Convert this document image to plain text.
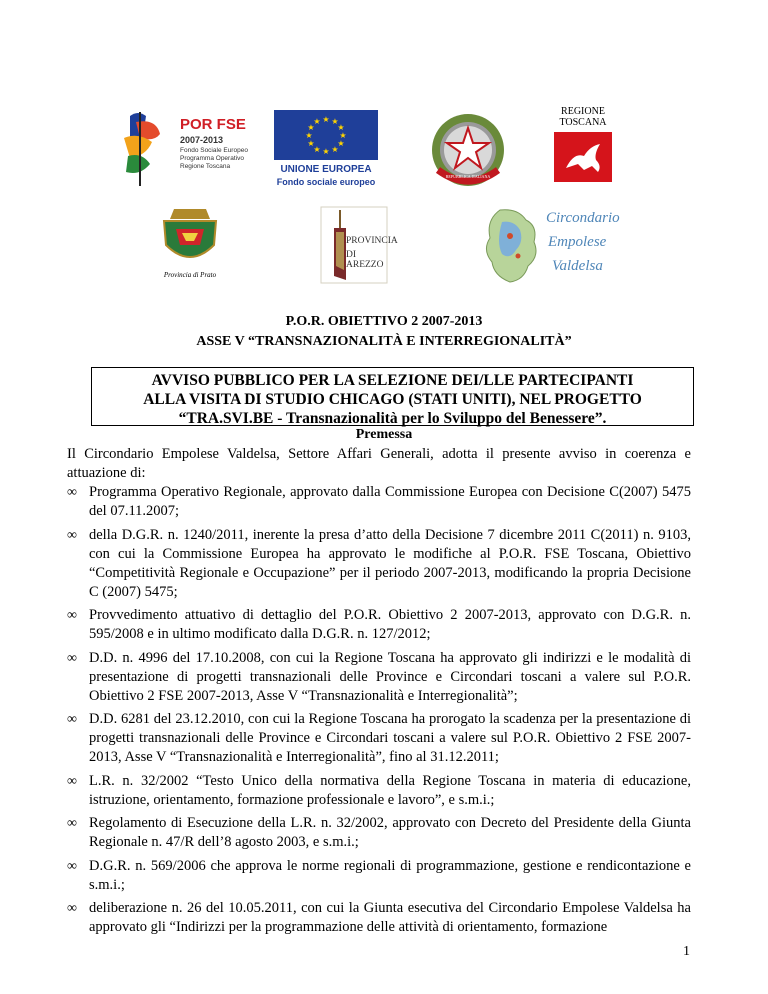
POR FSE
2007-2013
Fondo Sociale Europeo
Programma Operativo
Regione Toscana
★ ★
★
★
★
★
★
★
★
★
★
★
UNIONE EUROPEA
Fondo sociale europeo
REPUBBLICA ITALIANA
REGIONE
TOSCANA
Provincia di Prato
PROVINCIA
DI AREZZO
Circondario
Empolese
Valdelsa
P.O.R. OBIETTIVO 2 2007-2013
ASSE V “TRANSNAZIONALITÀ E INTERREGIONALITÀ”
AVVISO PUBBLICO PER LA SELEZIONE DEI/LLE PARTECIPANTI
ALLA VISITA DI STUDIO CHICAGO (STATI UNITI), NEL PROGETTO
“TRA.SVI.BE - Transnazionalità per lo Sviluppo del Benessere”.
Premessa
Il Circondario Empolese Valdelsa, Settore Affari Generali, adotta il presente avviso in coerenza e attuazione di:
∞ Programma Operativo Regionale, approvato dalla Commissione Europea con Decisione C(2007) 5475 del 07.11.2007;
∞ della D.G.R. n. 1240/2011, inerente la presa d’atto della Decisione 7 dicembre 2011 C(2011) n. 9103, con cui la Commissione Europea ha approvato le modifiche al P.O.R. FSE Toscana, Obiettivo “Competitività Regionale e Occupazione” per il periodo 2007-2013, modificando la propria Decisione C (2007) 5475;
∞ Provvedimento attuativo di dettaglio del P.O.R. Obiettivo 2 2007-2013, approvato con D.G.R. n. 595/2008 e in ultimo modificato dalla D.G.R. n. 127/2012;
∞ D.D. n. 4996 del 17.10.2008, con cui la Regione Toscana ha approvato gli indirizzi e le modalità di presentazione di progetti transnazionali delle Province e Circondari toscani a valere sul P.O.R. Obiettivo 2 FSE 2007-2013, Asse V “Transnazionalità e Interregionalità”;
∞ D.D. 6281 del 23.12.2010, con cui la Regione Toscana ha prorogato la scadenza per la presentazione di progetti transnazionali delle Province e Circondari toscani a valere sul P.O.R. Obiettivo 2 FSE 2007-2013, Asse V “Transnazionalità e Interregionalità”, fino al 31.12.2011;
∞ L.R. n. 32/2002 “Testo Unico della normativa della Regione Toscana in materia di educazione, istruzione, orientamento, formazione professionale e lavoro”, e s.m.i.;
∞ Regolamento di Esecuzione della L.R. n. 32/2002, approvato con Decreto del Presidente della Giunta Regionale n. 47/R dell’8 agosto 2003, e s.m.i.;
∞ D.G.R. n. 569/2006 che approva le norme regionali di programmazione, gestione e rendicontazione e s.m.i.;
∞ deliberazione n. 26 del 10.05.2011, con cui la Giunta esecutiva del Circondario Empolese Valdelsa ha approvato gli “Indirizzi per la programmazione delle attività di orientamento, formazione
1
